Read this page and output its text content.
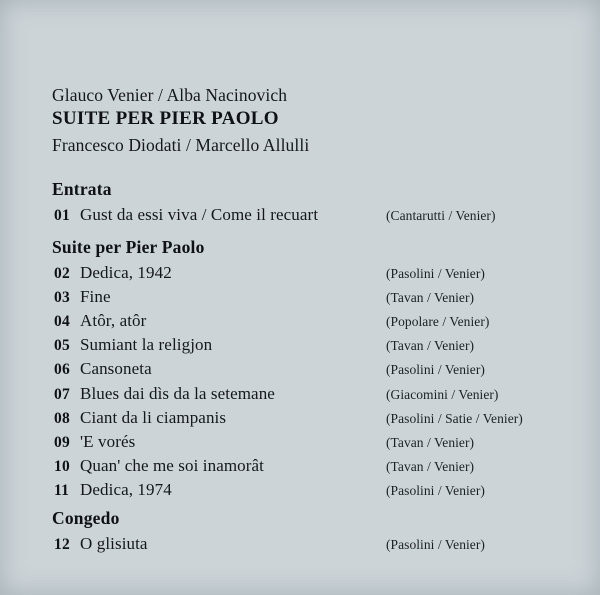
Glauco Venier / Alba Nacinovich
SUITE PER PIER PAOLO
Francesco Diodati / Marcello Allulli
Entrata
01 Gust da essi viva / Come il recuart	(Cantarutti / Venier)
Suite per Pier Paolo
02 Dedica, 1942	(Pasolini / Venier)
03 Fine	(Tavan / Venier)
04 Atôr, atôr	(Popolare / Venier)
05 Sumiant la religjon	(Tavan / Venier)
06 Cansoneta	(Pasolini / Venier)
07 Blues dai dìs da la setemane	(Giacomini / Venier)
08 Ciant da li ciampanis	(Pasolini / Satie / Venier)
09 'E vorés	(Tavan / Venier)
10 Quan' che me soi inamorât	(Tavan / Venier)
11 Dedica, 1974	(Pasolini / Venier)
Congedo
12 O glisiuta	(Pasolini / Venier)
